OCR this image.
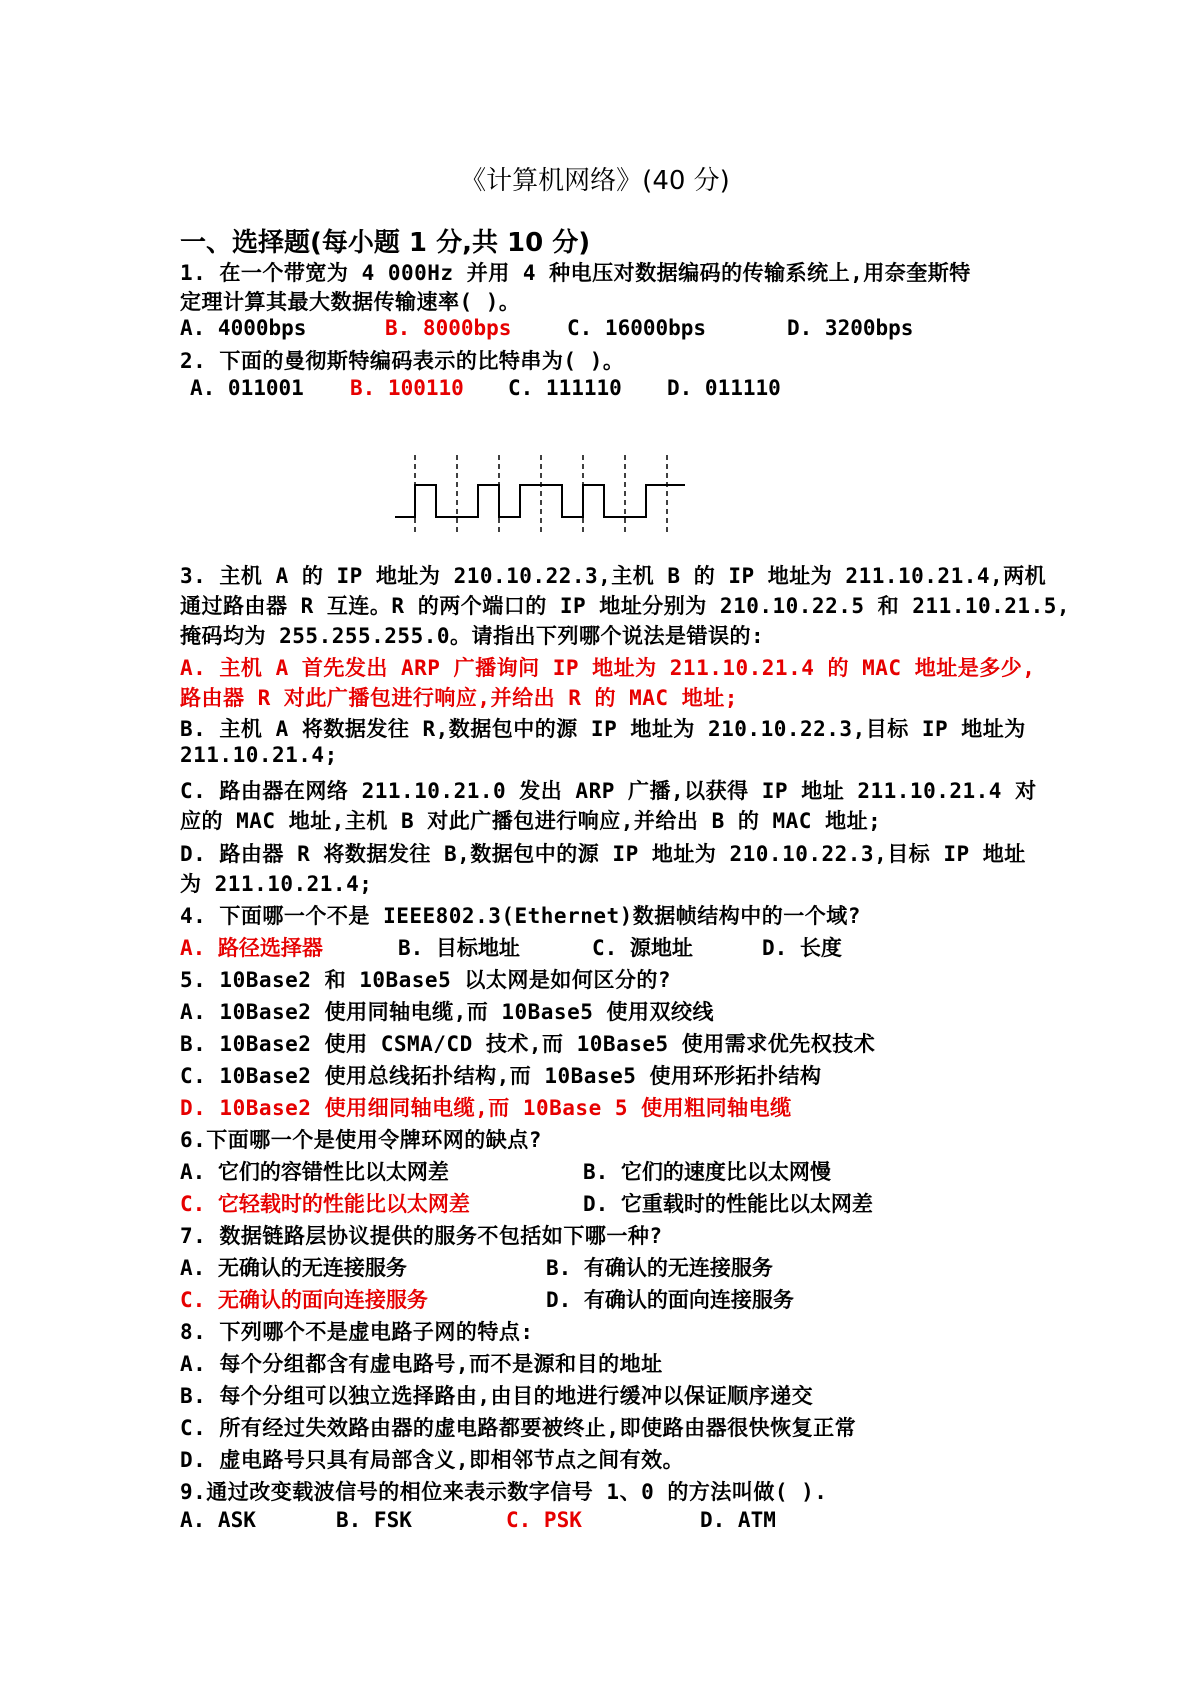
《计算机网络》(40 分)
一、选择题(每小题 1 分,共 10 分)
1. 在一个带宽为 4 000Hz 并用 4 种电压对数据编码的传输系统上,用奈奎斯特
定理计算其最大数据传输速率( )。
A. 4000bps	B. 8000bps	C. 16000bps	D. 3200bps
2. 下面的曼彻斯特编码表示的比特串为( )。
A. 011001 B. 100110 C. 111110 D. 011110
3. 主机 A 的 IP 地址为 210.10.22.3,主机 B 的 IP 地址为 211.10.21.4,两机
通过路由器 R 互连。R 的两个端口的 IP 地址分别为 210.10.22.5 和 211.10.21.5,
掩码均为 255.255.255.0。请指出下列哪个说法是错误的:
A. 主机 A 首先发出 ARP 广播询问 IP 地址为 211.10.21.4 的 MAC 地址是多少,
路由器 R 对此广播包进行响应,并给出 R 的 MAC 地址;
B. 主机 A 将数据发往 R,数据包中的源 IP 地址为 210.10.22.3,目标 IP 地址为
211.10.21.4;
C. 路由器在网络 211.10.21.0 发出 ARP 广播,以获得 IP 地址 211.10.21.4 对
应的 MAC 地址,主机 B 对此广播包进行响应,并给出 B 的 MAC 地址;
D. 路由器 R 将数据发往 B,数据包中的源 IP 地址为 210.10.22.3,目标 IP 地址
为 211.10.21.4;
4. 下面哪一个不是 IEEE802.3(Ethernet)数据帧结构中的一个域?
A. 路径选择器	B. 目标地址	C. 源地址	D. 长度
5. 10Base2 和 10Base5 以太网是如何区分的?
A. 10Base2 使用同轴电缆,而 10Base5 使用双绞线
B. 10Base2 使用 CSMA/CD 技术,而 10Base5 使用需求优先权技术
C. 10Base2 使用总线拓扑结构,而 10Base5 使用环形拓扑结构
D. 10Base2 使用细同轴电缆,而 10Base 5 使用粗同轴电缆
6.下面哪一个是使用令牌环网的缺点?
A. 它们的容错性比以太网差	B. 它们的速度比以太网慢
C. 它轻载时的性能比以太网差	D. 它重载时的性能比以太网差
7. 数据链路层协议提供的服务不包括如下哪一种?
A. 无确认的无连接服务	B. 有确认的无连接服务
C. 无确认的面向连接服务	D. 有确认的面向连接服务
8. 下列哪个不是虚电路子网的特点:
A. 每个分组都含有虚电路号,而不是源和目的地址
B. 每个分组可以独立选择路由,由目的地进行缓冲以保证顺序递交
C. 所有经过失效路由器的虚电路都要被终止,即使路由器很快恢复正常
D. 虚电路号只具有局部含义,即相邻节点之间有效。
9.通过改变载波信号的相位来表示数字信号 1、0 的方法叫做( ).
A. ASK	B. FSK	C. PSK	D. ATM
